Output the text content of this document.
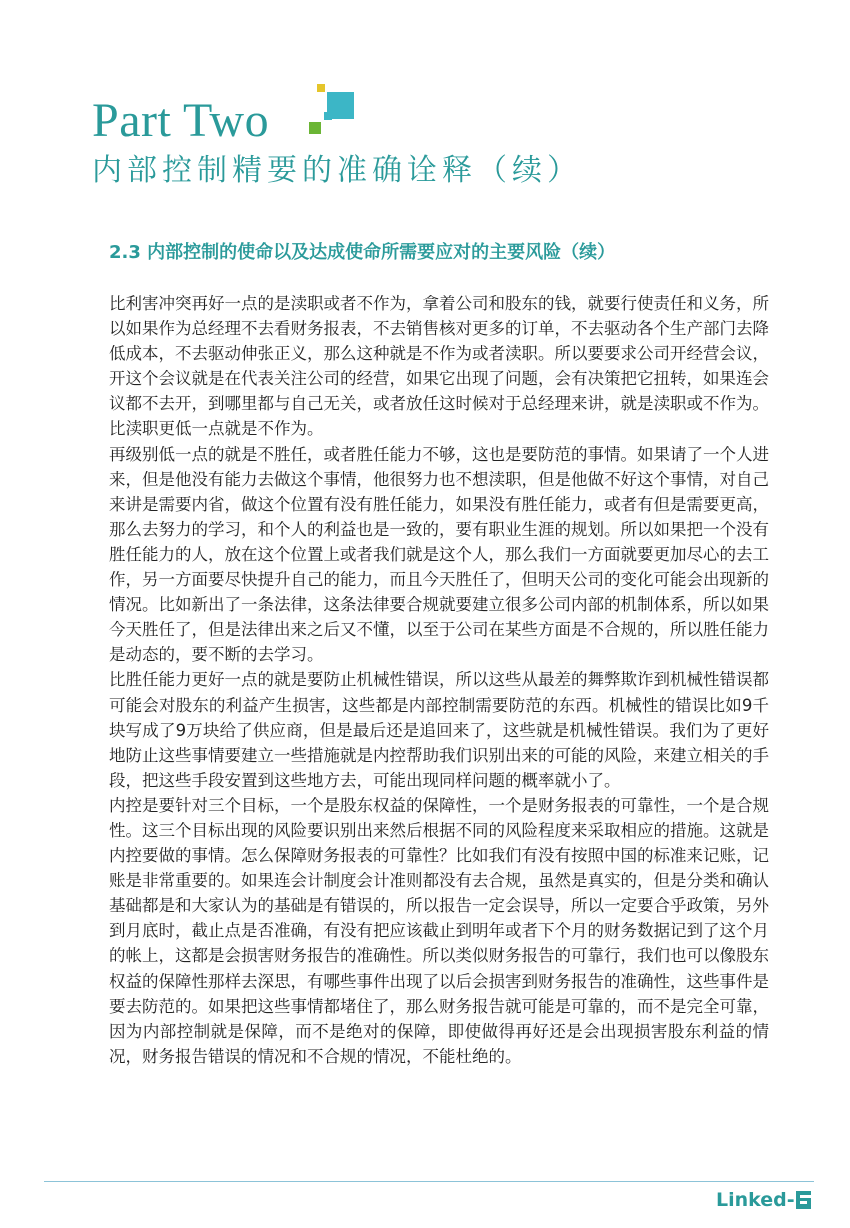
Part Two
内部控制精要的准确诠释（续）
2.3 内部控制的使命以及达成使命所需要应对的主要风险（续）

比利害冲突再好一点的是渎职或者不作为，拿着公司和股东的钱，就要行使责任和义务，所以如果作为总经理不去看财务报表，不去销售核对更多的订单，不去驱动各个生产部门去降低成本，不去驱动伸张正义，那么这种就是不作为或者渎职。所以要要求公司开经营会议，开这个会议就是在代表关注公司的经营，如果它出现了问题，会有决策把它扭转，如果连会议都不去开，到哪里都与自己无关，或者放任这时候对于总经理来讲，就是渎职或不作为。比渎职更低一点就是不作为。

再级别低一点的就是不胜任，或者胜任能力不够，这也是要防范的事情。如果请了一个人进来，但是他没有能力去做这个事情，他很努力也不想渎职，但是他做不好这个事情，对自己来讲是需要内省，做这个位置有没有胜任能力，如果没有胜任能力，或者有但是需要更高，那么去努力的学习，和个人的利益也是一致的，要有职业生涯的规划。所以如果把一个没有胜任能力的人，放在这个位置上或者我们就是这个人，那么我们一方面就要更加尽心的去工作，另一方面要尽快提升自己的能力，而且今天胜任了，但明天公司的变化可能会出现新的情况。比如新出了一条法律，这条法律要合规就要建立很多公司内部的机制体系，所以如果今天胜任了，但是法律出来之后又不懂，以至于公司在某些方面是不合规的，所以胜任能力是动态的，要不断的去学习。

比胜任能力更好一点的就是要防止机械性错误，所以这些从最差的舞弊欺诈到机械性错误都可能会对股东的利益产生损害，这些都是内部控制需要防范的东西。机械性的错误比如9千块写成了9万块给了供应商，但是最后还是追回来了，这些就是机械性错误。我们为了更好地防止这些事情要建立一些措施就是内控帮助我们识别出来的可能的风险，来建立相关的手段，把这些手段安置到这些地方去，可能出现同样问题的概率就小了。

内控是要针对三个目标，一个是股东权益的保障性，一个是财务报表的可靠性，一个是合规性。这三个目标出现的风险要识别出来然后根据不同的风险程度来采取相应的措施。这就是内控要做的事情。怎么保障财务报表的可靠性？比如我们有没有按照中国的标准来记账，记账是非常重要的。如果连会计制度会计准则都没有去合规，虽然是真实的，但是分类和确认基础都是和大家认为的基础是有错误的，所以报告一定会误导，所以一定要合乎政策，另外到月底时，截止点是否准确，有没有把应该截止到明年或者下个月的财务数据记到了这个月的帐上，这都是会损害财务报告的准确性。所以类似财务报告的可靠行，我们也可以像股东权益的保障性那样去深思，有哪些事件出现了以后会损害到财务报告的准确性，这些事件是要去防范的。如果把这些事情都堵住了，那么财务报告就可能是可靠的，而不是完全可靠，因为内部控制就是保障，而不是绝对的保障，即使做得再好还是会出现损害股东利益的情况，财务报告错误的情况和不合规的情况，不能杜绝的。

Linked-
